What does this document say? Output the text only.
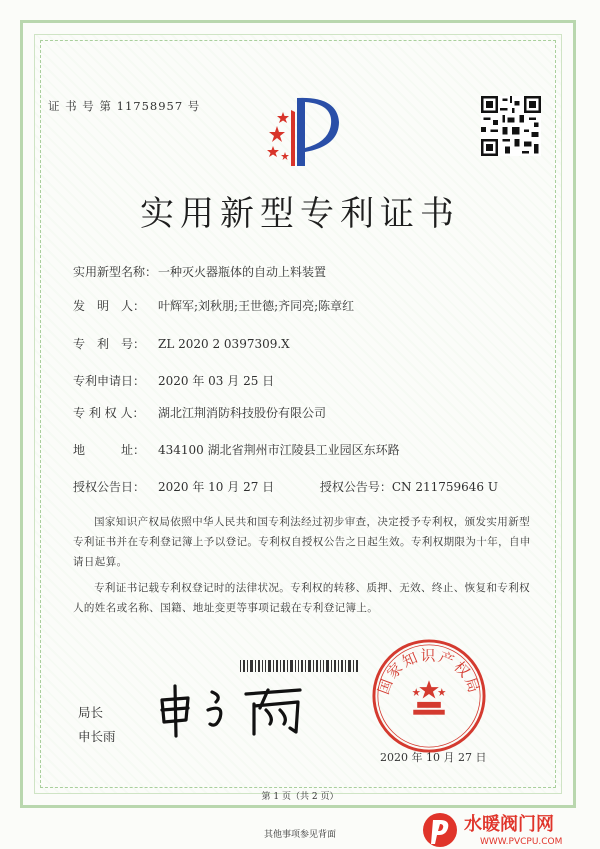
证 书 号 第 11758957 号
实用新型专利证书
实用新型名称：一种灭火器瓶体的自动上料装置
发　明　人： 叶辉军;刘秋朋;王世德;齐同亮;陈章红
专　利　号： ZL 2020 2 0397309.X
专利申请日： 2020 年 03 月 25 日
专 利 权 人： 湖北江荆消防科技股份有限公司
地　　　址： 434100 湖北省荆州市江陵县工业园区东环路
授权公告日： 2020 年 10 月 27 日	授权公告号：CN 211759646 U

国家知识产权局依照中华人民共和国专利法经过初步审查，决定授予专利权，颁发实用新型专利证书并在专利登记簿上予以登记。专利权自授权公告之日起生效。专利权期限为十年，自申请日起算。

专利证书记载专利权登记时的法律状况。专利权的转移、质押、无效、终止、恢复和专利权人的姓名或名称、国籍、地址变更等事项记载在专利登记簿上。

局长
申长雨
国家知识产权局
2020 年 10 月 27 日
第 1 页（共 2 页）
其他事项参见背面	水暖阀门网
WWW.PVCPU.COM
